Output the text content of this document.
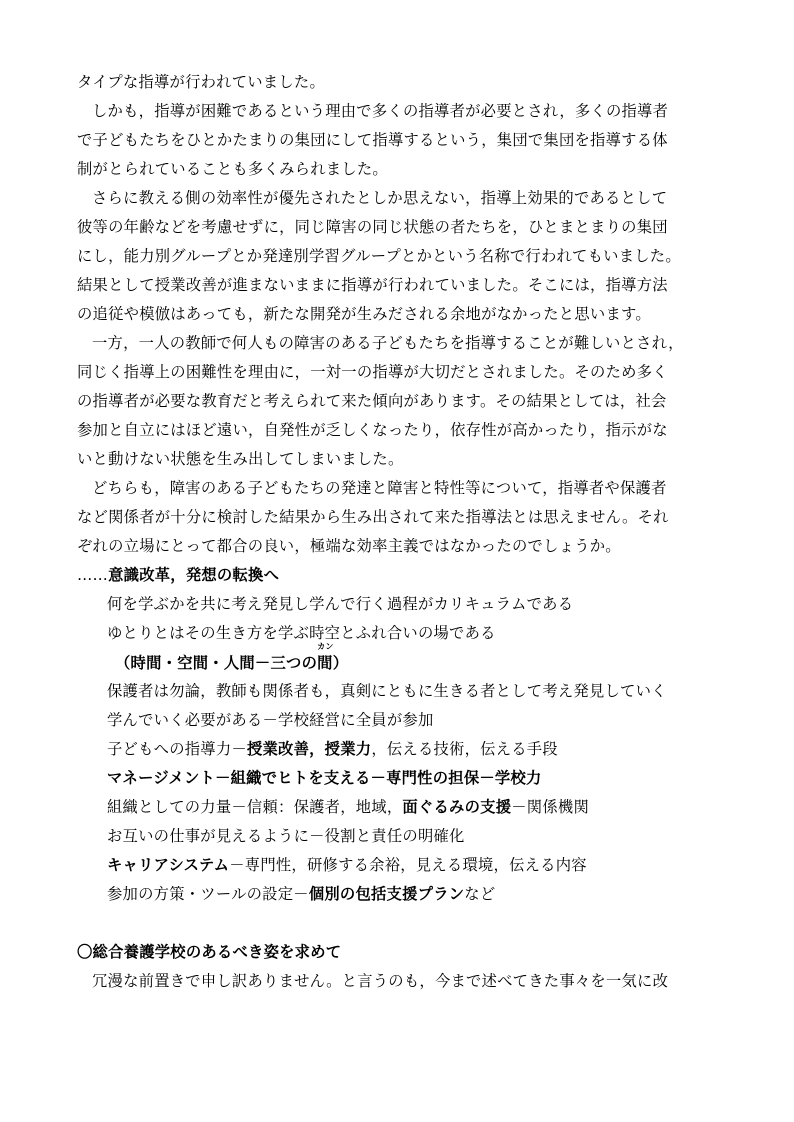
タイプな指導が行われていました。
しかも，指導が困難であるという理由で多くの指導者が必要とされ，多くの指導者
で子どもたちをひとかたまりの集団にして指導するという，集団で集団を指導する体
制がとられていることも多くみられました。
さらに教える側の効率性が優先されたとしか思えない，指導上効果的であるとして
彼等の年齢などを考慮せずに，同じ障害の同じ状態の者たちを，ひとまとまりの集団
にし，能力別グループとか発達別学習グループとかという名称で行われてもいました。
結果として授業改善が進まないままに指導が行われていました。そこには，指導方法
の追従や模倣はあっても，新たな開発が生みだされる余地がなかったと思います。
一方，一人の教師で何人もの障害のある子どもたちを指導することが難しいとされ，
同じく指導上の困難性を理由に，一対一の指導が大切だとされました。そのため多く
の指導者が必要な教育だと考えられて来た傾向があります。その結果としては，社会
参加と自立にはほど遠い，自発性が乏しくなったり，依存性が高かったり，指示がな
いと動けない状態を生み出してしまいました。
どちらも，障害のある子どもたちの発達と障害と特性等について，指導者や保護者
など関係者が十分に検討した結果から生み出されて来た指導法とは思えません。それ
ぞれの立場にとって都合の良い，極端な効率主義ではなかったのでしょうか。
……意識改革，発想の転換へ
何を学ぶかを共に考え発見し学んで行く過程がカリキュラムである
ゆとりとはその生き方を学ぶ時空とふれ合いの場である
（時間・空間・人間－三つの
カン
間）
保護者は勿論，教師も関係者も，真剣にともに生きる者として考え発見していく
学んでいく必要がある－学校経営に全員が参加
子どもへの指導力－授業改善，授業力，伝える技術，伝える手段
マネージメント－組織でヒトを支える－専門性の担保－学校力
組織としての力量－信頼：保護者，地域，面ぐるみの支援－関係機関
お互いの仕事が見えるように－役割と責任の明確化
キャリアシステム－専門性，研修する余裕，見える環境，伝える内容
参加の方策・ツールの設定－個別の包括支援プランなど
〇総合養護学校のあるべき姿を求めて
冗漫な前置きで申し訳ありません。と言うのも，今まで述べてきた事々を一気に改
